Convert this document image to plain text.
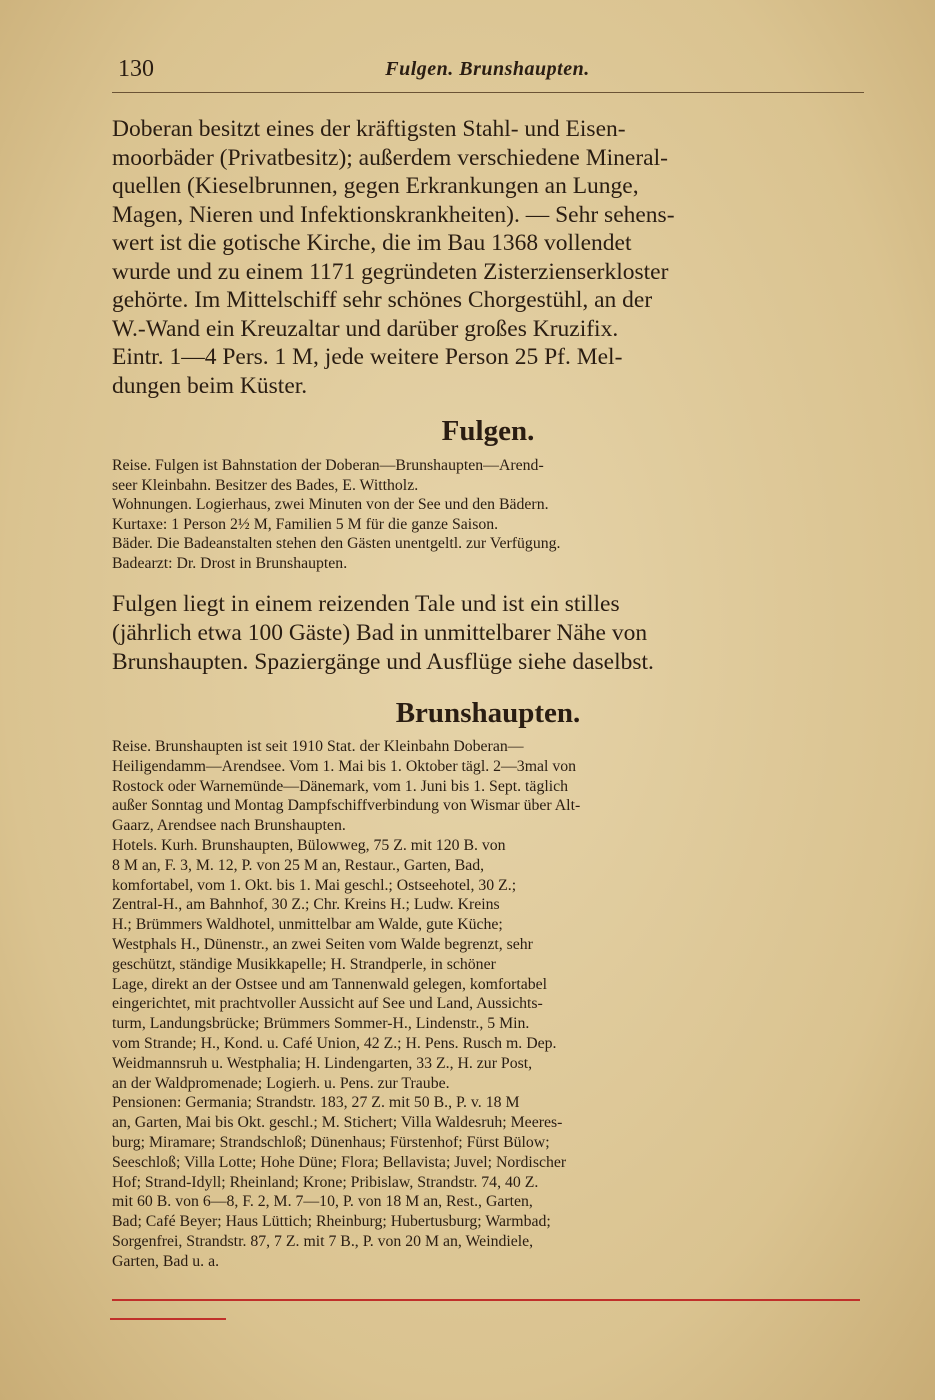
130	Fulgen. Brunshaupten.
Doberan besitzt eines der kräftigsten Stahl- und Eisen-
moorbäder (Privatbesitz); außerdem verschiedene Mineral-
quellen (Kieselbrunnen, gegen Erkrankungen an Lunge,
Magen, Nieren und Infektionskrankheiten). — Sehr sehens-
wert ist die gotische Kirche, die im Bau 1368 vollendet
wurde und zu einem 1171 gegründeten Zisterzienserkloster
gehörte. Im Mittelschiff sehr schönes Chorgestühl, an der
W.-Wand ein Kreuzaltar und darüber großes Kruzifix.
Eintr. 1—4 Pers. 1 M, jede weitere Person 25 Pf. Mel-
dungen beim Küster.
Fulgen.
Reise. Fulgen ist Bahnstation der Doberan—Brunshaupten—Arend-
seer Kleinbahn. Besitzer des Bades, E. Wittholz.
Wohnungen. Logierhaus, zwei Minuten von der See und den Bädern.
Kurtaxe: 1 Person 2½ M, Familien 5 M für die ganze Saison.
Bäder. Die Badeanstalten stehen den Gästen unentgeltl. zur Verfügung.
Badearzt: Dr. Drost in Brunshaupten.
Fulgen liegt in einem reizenden Tale und ist ein stilles
(jährlich etwa 100 Gäste) Bad in unmittelbarer Nähe von
Brunshaupten. Spaziergänge und Ausflüge siehe daselbst.
Brunshaupten.
Reise. Brunshaupten ist seit 1910 Stat. der Kleinbahn Doberan—
Heiligendamm—Arendsee. Vom 1. Mai bis 1. Oktober tägl. 2—3mal von
Rostock oder Warnemünde—Dänemark, vom 1. Juni bis 1. Sept. täglich
außer Sonntag und Montag Dampfschiffverbindung von Wismar über Alt-
Gaarz, Arendsee nach Brunshaupten.
Hotels. Kurh. Brunshaupten, Bülowweg, 75 Z. mit 120 B. von
8 M an, F. 3, M. 12, P. von 25 M an, Restaur., Garten, Bad,
komfortabel, vom 1. Okt. bis 1. Mai geschl.; Ostseehotel, 30 Z.;
Zentral-H., am Bahnhof, 30 Z.; Chr. Kreins H.; Ludw. Kreins
H.; Brümmers Waldhotel, unmittelbar am Walde, gute Küche;
Westphals H., Dünenstr., an zwei Seiten vom Walde begrenzt, sehr
geschützt, ständige Musikkapelle; H. Strandperle, in schöner
Lage, direkt an der Ostsee und am Tannenwald gelegen, komfortabel
eingerichtet, mit prachtvoller Aussicht auf See und Land, Aussichts-
turm, Landungsbrücke; Brümmers Sommer-H., Lindenstr., 5 Min.
vom Strande; H., Kond. u. Café Union, 42 Z.; H. Pens. Rusch m. Dep.
Weidmannsruh u. Westphalia; H. Lindengarten, 33 Z., H. zur Post,
an der Waldpromenade; Logierh. u. Pens. zur Traube.
Pensionen: Germania; Strandstr. 183, 27 Z. mit 50 B., P. v. 18 M
an, Garten, Mai bis Okt. geschl.; M. Stichert; Villa Waldesruh; Meeres-
burg; Miramare; Strandschloß; Dünenhaus; Fürstenhof; Fürst Bülow;
Seeschloß; Villa Lotte; Hohe Düne; Flora; Bellavista; Juvel; Nordischer
Hof; Strand-Idyll; Rheinland; Krone; Pribislaw, Strandstr. 74, 40 Z.
mit 60 B. von 6—8, F. 2, M. 7—10, P. von 18 M an, Rest., Garten,
Bad; Café Beyer; Haus Lüttich; Rheinburg; Hubertusburg; Warmbad;
Sorgenfrei, Strandstr. 87, 7 Z. mit 7 B., P. von 20 M an, Weindiele,
Garten, Bad u. a.
